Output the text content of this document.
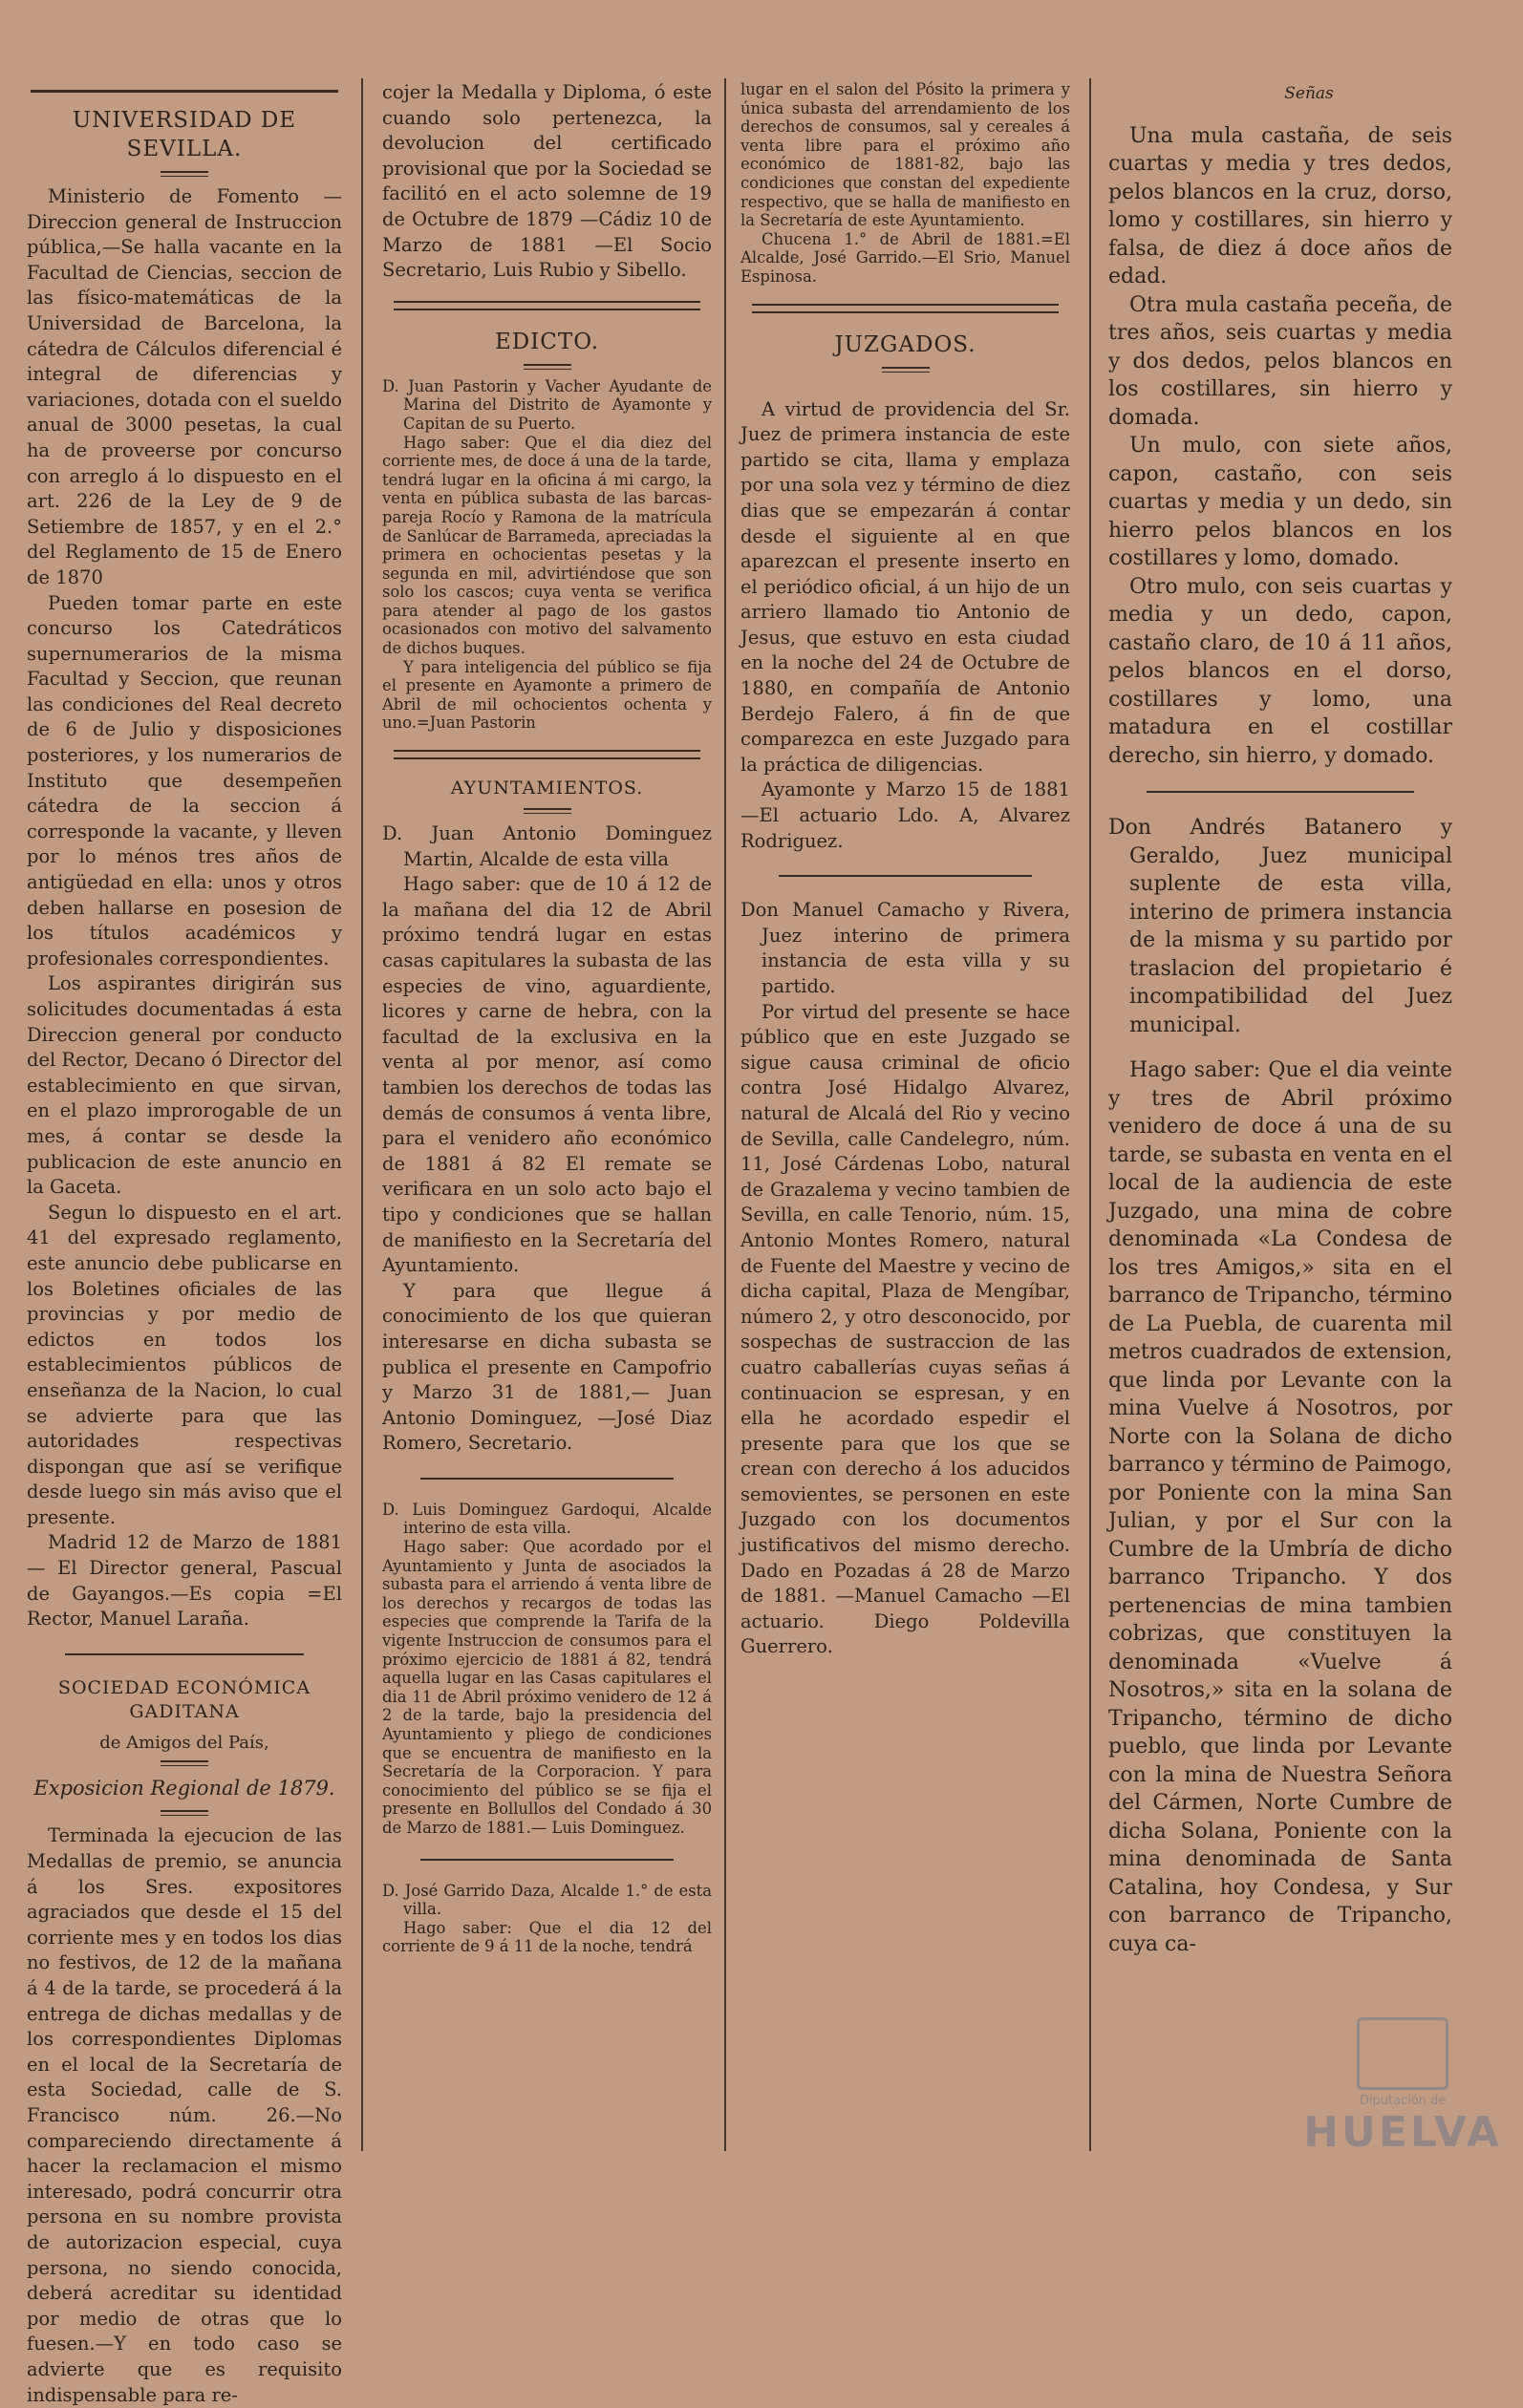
UNIVERSIDAD DE SEVILLA.

Ministerio de Fomento —Direccion general de Instruccion pública,—Se halla vacante en la Facultad de Ciencias, seccion de las físico-matemáticas de la Universidad de Barcelona, la cátedra de Cálculos diferencial é integral de diferencias y variaciones, dotada con el sueldo anual de 3000 pesetas, la cual ha de proveerse por concurso con arreglo á lo dispuesto en el art. 226 de la Ley de 9 de Setiembre de 1857, y en el 2.° del Reglamento de 15 de Enero de 1870

Pueden tomar parte en este concurso los Catedráticos supernumerarios de la misma Facultad y Seccion, que reunan las condiciones del Real decreto de 6 de Julio y disposiciones posteriores, y los numerarios de Instituto que desempeñen cátedra de la seccion á corresponde la vacante, y lleven por lo ménos tres años de antigüedad en ella: unos y otros deben hallarse en posesion de los títulos académicos y profesionales correspondientes.

Los aspirantes dirigirán sus solicitudes documentadas á esta Direccion general por conducto del Rector, Decano ó Director del establecimiento en que sirvan, en el plazo improrogable de un mes, á contar se desde la publicacion de este anuncio en la Gaceta.

Segun lo dispuesto en el art. 41 del expresado reglamento, este anuncio debe publicarse en los Boletines oficiales de las provincias y por medio de edictos en todos los establecimientos públicos de enseñanza de la Nacion, lo cual se advierte para que las autoridades respectivas dispongan que así se verifique desde luego sin más aviso que el presente.

Madrid 12 de Marzo de 1881 — El Director general, Pascual de Gayangos.—Es copia =El Rector, Manuel Laraña.

SOCIEDAD ECONÓMICA GADITANA
de Amigos del País,
Exposicion Regional de 1879.

Terminada la ejecucion de las Medallas de premio, se anuncia á los Sres. expositores agraciados que desde el 15 del corriente mes y en todos los dias no festivos, de 12 de la mañana á 4 de la tarde, se procederá á la entrega de dichas medallas y de los correspondientes Diplomas en el local de la Secretaría de esta Sociedad, calle de S. Francisco núm. 26.—No compareciendo directamente á hacer la reclamacion el mismo interesado, podrá concurrir otra persona en su nombre provista de autorizacion especial, cuya persona, no siendo conocida, deberá acreditar su identidad por medio de otras que lo fuesen.—Y en todo caso se advierte que es requisito indispensable para re-

cojer la Medalla y Diploma, ó este cuando solo pertenezca, la devolucion del certificado provisional que por la Sociedad se facilitó en el acto solemne de 19 de Octubre de 1879 —Cádiz 10 de Marzo de 1881 —El Socio Secretario, Luis Rubio y Sibello.

EDICTO.

D. Juan Pastorin y Vacher Ayudante de Marina del Distrito de Ayamonte y Capitan de su Puerto.

Hago saber: Que el dia diez del corriente mes, de doce á una de la tarde, tendrá lugar en la oficina á mi cargo, la venta en pública subasta de las barcas-pareja Rocío y Ramona de la matrícula de Sanlúcar de Barrameda, apreciadas la primera en ochocientas pesetas y la segunda en mil, advirtiéndose que son solo los cascos; cuya venta se verifica para atender al pago de los gastos ocasionados con motivo del salvamento de dichos buques.

Y para inteligencia del público se fija el presente en Ayamonte a primero de Abril de mil ochocientos ochenta y uno.=Juan Pastorin

AYUNTAMIENTOS.

D. Juan Antonio Dominguez Martin, Alcalde de esta villa

Hago saber: que de 10 á 12 de la mañana del dia 12 de Abril próximo tendrá lugar en estas casas capitulares la subasta de las especies de vino, aguardiente, licores y carne de hebra, con la facultad de la exclusiva en la venta al por menor, así como tambien los derechos de todas las demás de consumos á venta libre, para el venidero año económico de 1881 á 82 El remate se verificara en un solo acto bajo el tipo y condiciones que se hallan de manifiesto en la Secretaría del Ayuntamiento.

Y para que llegue á conocimiento de los que quieran interesarse en dicha subasta se publica el presente en Campofrio y Marzo 31 de 1881,— Juan Antonio Dominguez, —José Diaz Romero, Secretario.

D. Luis Dominguez Gardoqui, Alcalde interino de esta villa.

Hago saber: Que acordado por el Ayuntamiento y Junta de asociados la subasta para el arriendo á venta libre de los derechos y recargos de todas las especies que comprende la Tarifa de la vigente Instruccion de consumos para el próximo ejercicio de 1881 á 82, tendrá aquella lugar en las Casas capitulares el dia 11 de Abril próximo venidero de 12 á 2 de la tarde, bajo la presidencia del Ayuntamiento y pliego de condiciones que se encuentra de manifiesto en la Secretaría de la Corporacion. Y para conocimiento del público se se fija el presente en Bollullos del Condado á 30 de Marzo de 1881.— Luis Dominguez.

D. José Garrido Daza, Alcalde 1.° de esta villa.

Hago saber: Que el dia 12 del corriente de 9 á 11 de la noche, tendrá

lugar en el salon del Pósito la primera y única subasta del arrendamiento de los derechos de consumos, sal y cereales á venta libre para el próximo año económico de 1881-82, bajo las condiciones que constan del expediente respectivo, que se halla de manifiesto en la Secretaría de este Ayuntamiento.

Chucena 1.° de Abril de 1881.=El Alcalde, José Garrido.—El Srio, Manuel Espinosa.

JUZGADOS.

A virtud de providencia del Sr. Juez de primera instancia de este partido se cita, llama y emplaza por una sola vez y término de diez dias que se empezarán á contar desde el siguiente al en que aparezcan el presente inserto en el periódico oficial, á un hijo de un arriero llamado tio Antonio de Jesus, que estuvo en esta ciudad en la noche del 24 de Octubre de 1880, en compañía de Antonio Berdejo Falero, á fin de que comparezca en este Juzgado para la práctica de diligencias.

Ayamonte y Marzo 15 de 1881 —El actuario Ldo. A, Alvarez Rodriguez.

Don Manuel Camacho y Rivera, Juez interino de primera instancia de esta villa y su partido.

Por virtud del presente se hace público que en este Juzgado se sigue causa criminal de oficio contra José Hidalgo Alvarez, natural de Alcalá del Rio y vecino de Sevilla, calle Candelegro, núm. 11, José Cárdenas Lobo, natural de Grazalema y vecino tambien de Sevilla, en calle Tenorio, núm. 15, Antonio Montes Romero, natural de Fuente del Maestre y vecino de dicha capital, Plaza de Mengíbar, número 2, y otro desconocido, por sospechas de sustraccion de las cuatro caballerías cuyas señas á continuacion se espresan, y en ella he acordado espedir el presente para que los que se crean con derecho á los aducidos semovientes, se personen en este Juzgado con los documentos justificativos del mismo derecho. Dado en Pozadas á 28 de Marzo de 1881. —Manuel Camacho —El actuario. Diego Poldevilla Guerrero.

Señas

Una mula castaña, de seis cuartas y media y tres dedos, pelos blancos en la cruz, dorso, lomo y costillares, sin hierro y falsa, de diez á doce años de edad.

Otra mula castaña peceña, de tres años, seis cuartas y media y dos dedos, pelos blancos en los costillares, sin hierro y domada.

Un mulo, con siete años, capon, castaño, con seis cuartas y media y un dedo, sin hierro pelos blancos en los costillares y lomo, domado.

Otro mulo, con seis cuartas y media y un dedo, capon, castaño claro, de 10 á 11 años, pelos blancos en el dorso, costillares y lomo, una matadura en el costillar derecho, sin hierro, y domado.

Don Andrés Batanero y Geraldo, Juez municipal suplente de esta villa, interino de primera instancia de la misma y su partido por traslacion del propietario é incompatibilidad del Juez municipal.

Hago saber: Que el dia veinte y tres de Abril próximo venidero de doce á una de su tarde, se subasta en venta en el local de la audiencia de este Juzgado, una mina de cobre denominada «La Condesa de los tres Amigos,» sita en el barranco de Tripancho, término de La Puebla, de cuarenta mil metros cuadrados de extension, que linda por Levante con la mina Vuelve á Nosotros, por Norte con la Solana de dicho barranco y término de Paimogo, por Poniente con la mina San Julian, y por el Sur con la Cumbre de la Umbría de dicho barranco Tripancho. Y dos pertenencias de mina tambien cobrizas, que constituyen la denominada «Vuelve á Nosotros,» sita en la solana de Tripancho, término de dicho pueblo, que linda por Levante con la mina de Nuestra Señora del Cármen, Norte Cumbre de dicha Solana, Poniente con la mina denominada de Santa Catalina, hoy Condesa, y Sur con barranco de Tripancho, cuya ca-

Diputación de
HUELVA
